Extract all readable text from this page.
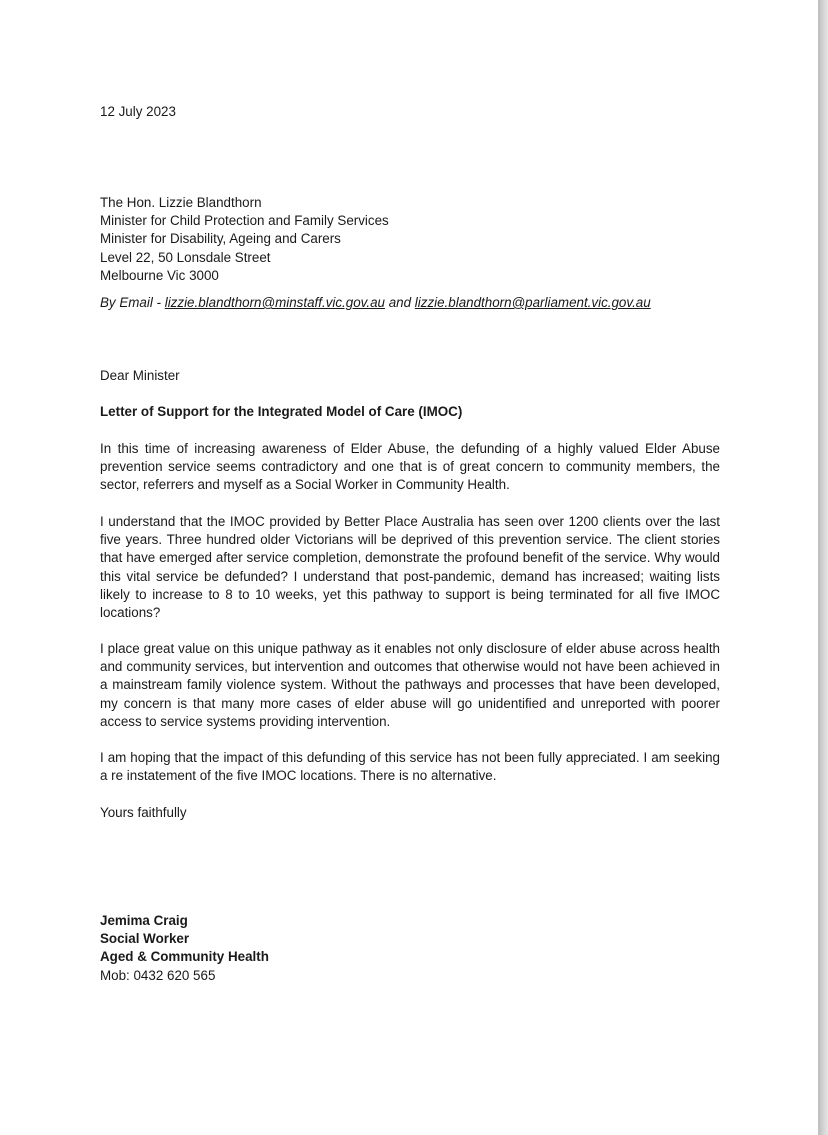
12 July 2023

The Hon. Lizzie Blandthorn
Minister for Child Protection and Family Services
Minister for Disability, Ageing and Carers
Level 22, 50 Lonsdale Street
Melbourne Vic 3000

By Email - lizzie.blandthorn@minstaff.vic.gov.au and lizzie.blandthorn@parliament.vic.gov.au

Dear Minister

Letter of Support for the Integrated Model of Care (IMOC)

In this time of increasing awareness of Elder Abuse, the defunding of a highly valued Elder Abuse prevention service seems contradictory and one that is of great concern to community members, the sector, referrers and myself as a Social Worker in Community Health.

I understand that the IMOC provided by Better Place Australia has seen over 1200 clients over the last five years. Three hundred older Victorians will be deprived of this prevention service. The client stories that have emerged after service completion, demonstrate the profound benefit of the service. Why would this vital service be defunded? I understand that post-pandemic, demand has increased; waiting lists likely to increase to 8 to 10 weeks, yet this pathway to support is being terminated for all five IMOC locations?

I place great value on this unique pathway as it enables not only disclosure of elder abuse across health and community services, but intervention and outcomes that otherwise would not have been achieved in a mainstream family violence system. Without the pathways and processes that have been developed, my concern is that many more cases of elder abuse will go unidentified and unreported with poorer access to service systems providing intervention.

I am hoping that the impact of this defunding of this service has not been fully appreciated. I am seeking a re instatement of the five IMOC locations. There is no alternative.

Yours faithfully

Jemima Craig
Social Worker
Aged & Community Health
Mob: 0432 620 565
